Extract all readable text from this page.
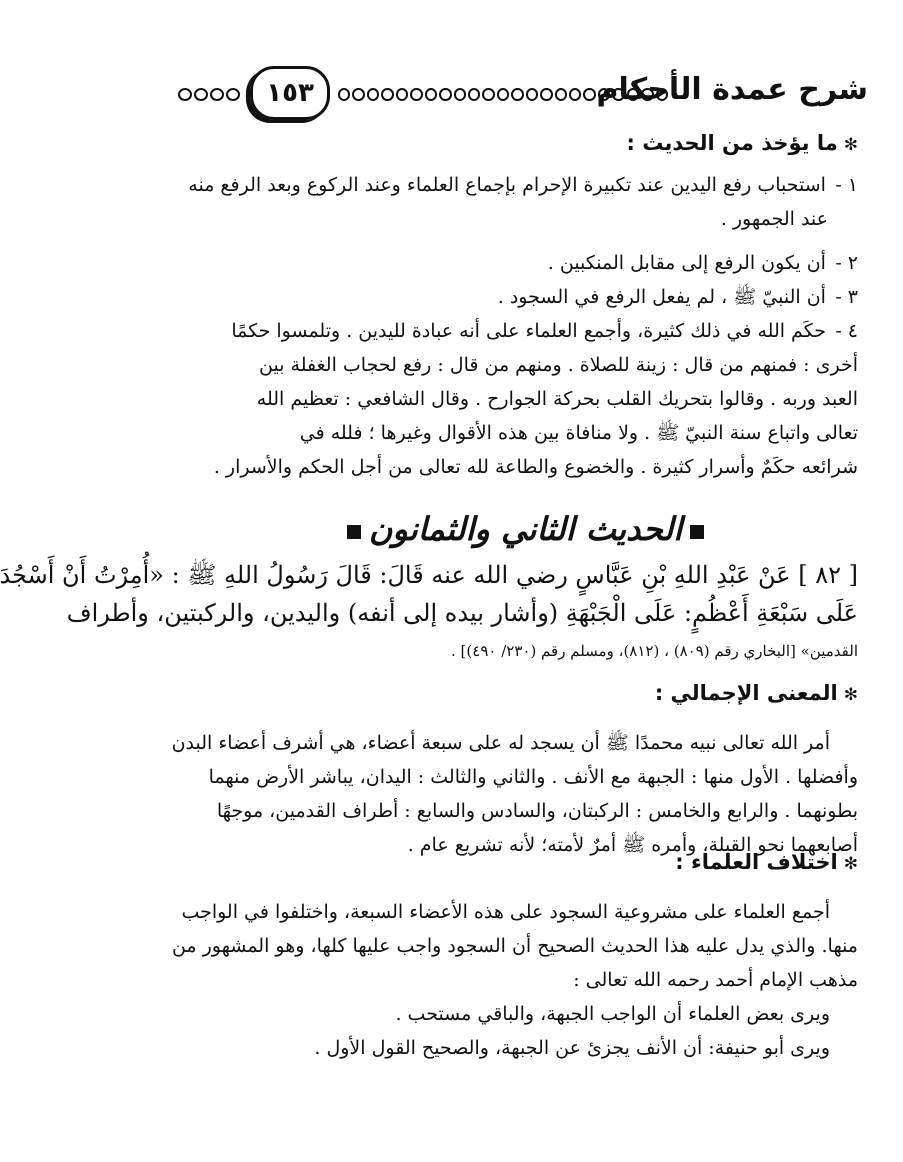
شرح عمدة الأحكام
١٥٣
✻ما يؤخذ من الحديث :
١ - استحباب رفع اليدين عند تكبيرة الإحرام بإجماع العلماء وعند الركوع وبعد الرفع منه
عند الجمهور .
٢ - أن يكون الرفع إلى مقابل المنكبين .
٣ - أن النبيّ ﷺ ، لم يفعل الرفع في السجود .
٤ - حكَم الله في ذلك كثيرة، وأجمع العلماء على أنه عبادة لليدين . وتلمسوا حكمًا
أخرى : فمنهم من قال : زينة للصلاة . ومنهم من قال : رفع لحجاب الغفلة بين
العبد وربه . وقالوا بتحريك القلب بحركة الجوارح . وقال الشافعي : تعظيم الله
تعالى واتباع سنة النبيّ ﷺ . ولا منافاة بين هذه الأقوال وغيرها ؛ فلله في
شرائعه حكَمٌ وأسرار كثيرة . والخضوع والطاعة لله تعالى من أجل الحكم والأسرار .
الحديث الثاني والثمانون
[ ٨٢ ] عَنْ عَبْدِ اللهِ بْنِ عَبَّاسٍ رضي الله عنه قَالَ: قَالَ رَسُولُ اللهِ ﷺ : «أُمِرْتُ أَنْ أَسْجُدَ
عَلَى سَبْعَةِ أَعْظُمٍ: عَلَى الْجَبْهَةِ (وأشار بيده إلى أنفه) واليدين، والركبتين، وأطراف
القدمين» [البخاري رقم (٨٠٩) ، (٨١٢)، ومسلم رقم (٢٣٠/ ٤٩٠)] .
✻المعنى الإجمالي :
أمر الله تعالى نبيه محمدًا ﷺ أن يسجد له على سبعة أعضاء، هي أشرف أعضاء البدن
وأفضلها . الأول منها : الجبهة مع الأنف . والثاني والثالث : اليدان، يباشر الأرض منهما
بطونهما . والرابع والخامس : الركبتان، والسادس والسابع : أطراف القدمين، موجهًا
أصابعهما نحو القبلة، وأمره ﷺ أمرٌ لأمته؛ لأنه تشريع عام .
✻اختلاف العلماء :
أجمع العلماء على مشروعية السجود على هذه الأعضاء السبعة، واختلفوا في الواجب
منها. والذي يدل عليه هذا الحديث الصحيح أن السجود واجب عليها كلها، وهو المشهور من
مذهب الإمام أحمد رحمه الله تعالى :
ويرى بعض العلماء أن الواجب الجبهة، والباقي مستحب .
ويرى أبو حنيفة: أن الأنف يجزئ عن الجبهة، والصحيح القول الأول .
